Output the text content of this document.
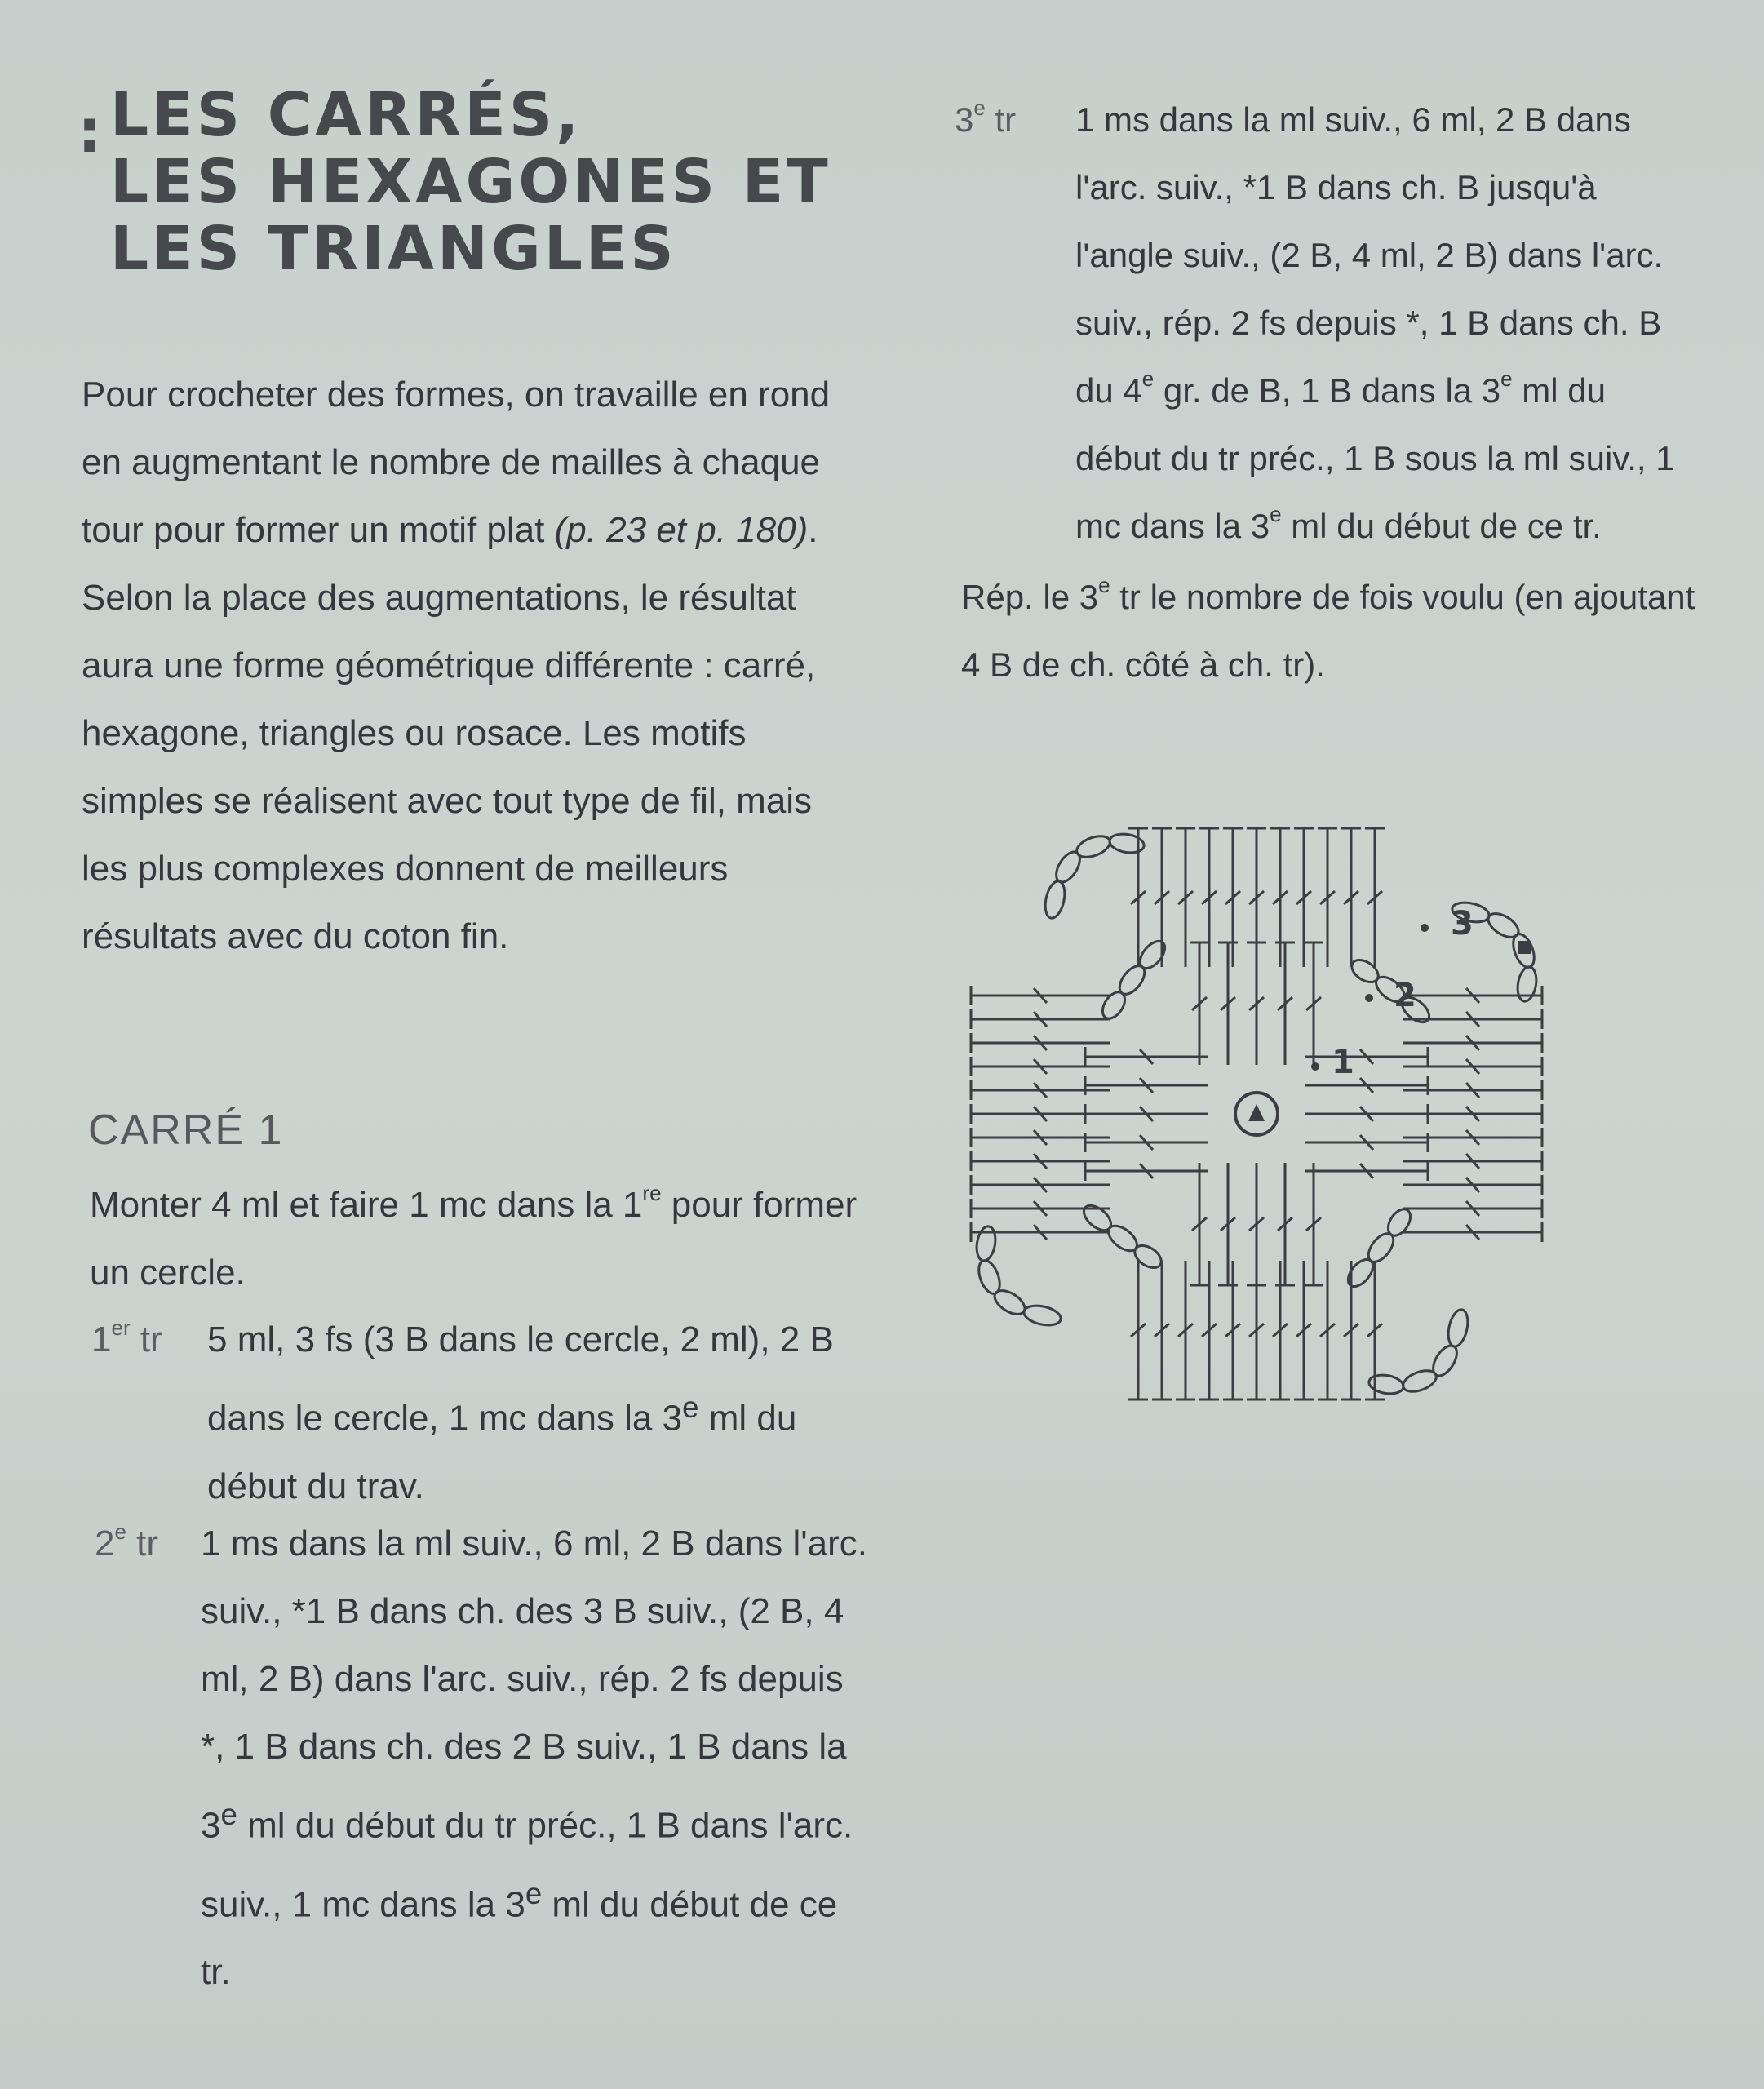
: LES CARRÉS,
LES HEXAGONES ET
LES TRIANGLES

Pour crocheter des formes, on travaille en rond en augmentant le nombre de mailles à chaque tour pour former un motif plat (p. 23 et p. 180). Selon la place des augmentations, le résultat aura une forme géométrique différente : carré, hexagone, triangles ou rosace. Les motifs simples se réalisent avec tout type de fil, mais les plus complexes donnent de meilleurs résultats avec du coton fin.

CARRÉ 1

Monter 4 ml et faire 1 mc dans la 1re pour former un cercle.

1er tr 5 ml, 3 fs (3 B dans le cercle, 2 ml), 2 B dans le cercle, 1 mc dans la 3e ml du début du trav.
2e tr 1 ms dans la ml suiv., 6 ml, 2 B dans l'arc. suiv., *1 B dans ch. des 3 B suiv., (2 B, 4 ml, 2 B) dans l'arc. suiv., rép. 2 fs depuis *, 1 B dans ch. des 2 B suiv., 1 B dans la 3e ml du début du tr préc., 1 B dans l'arc. suiv., 1 mc dans la 3e ml du début de ce tr.
3e tr 1 ms dans la ml suiv., 6 ml, 2 B dans l'arc. suiv., *1 B dans ch. B jusqu'à l'angle suiv., (2 B, 4 ml, 2 B) dans l'arc. suiv., rép. 2 fs depuis *, 1 B dans ch. B du 4e gr. de B, 1 B dans la 3e ml du début du tr préc., 1 B sous la ml suiv., 1 mc dans la 3e ml du début de ce tr.

Rép. le 3e tr le nombre de fois voulu (en ajoutant 4 B de ch. côté à ch. tr).

1
2
3
